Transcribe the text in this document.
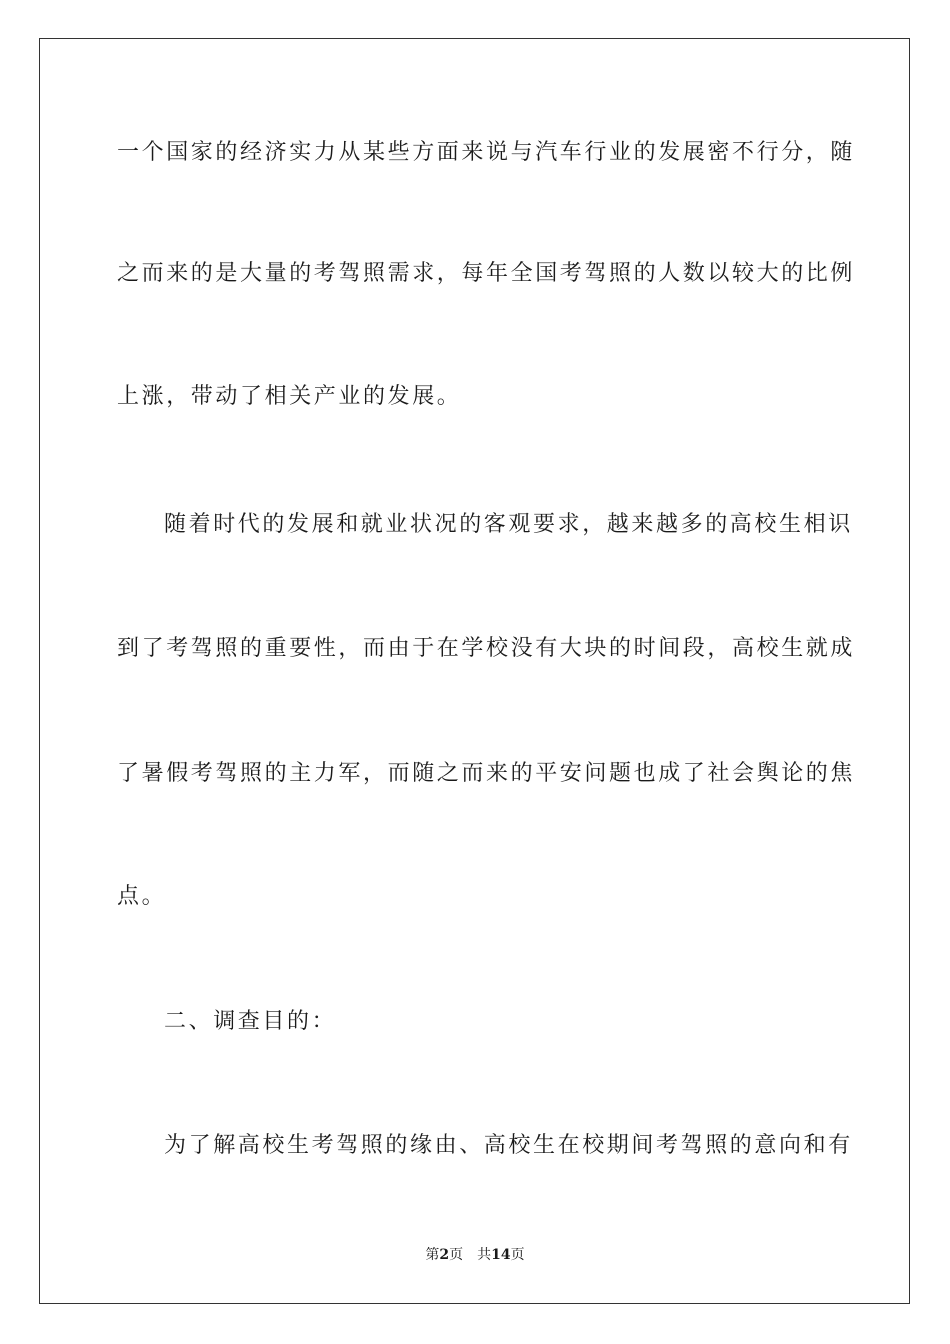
一个国家的经济实力从某些方面来说与汽车行业的发展密不行分，随
之而来的是大量的考驾照需求，每年全国考驾照的人数以较大的比例
上涨，带动了相关产业的发展。
随着时代的发展和就业状况的客观要求，越来越多的高校生相识
到了考驾照的重要性，而由于在学校没有大块的时间段，高校生就成
了暑假考驾照的主力军，而随之而来的平安问题也成了社会舆论的焦
点。
二、调查目的：
为了解高校生考驾照的缘由、高校生在校期间考驾照的意向和有
第2页 共14页
